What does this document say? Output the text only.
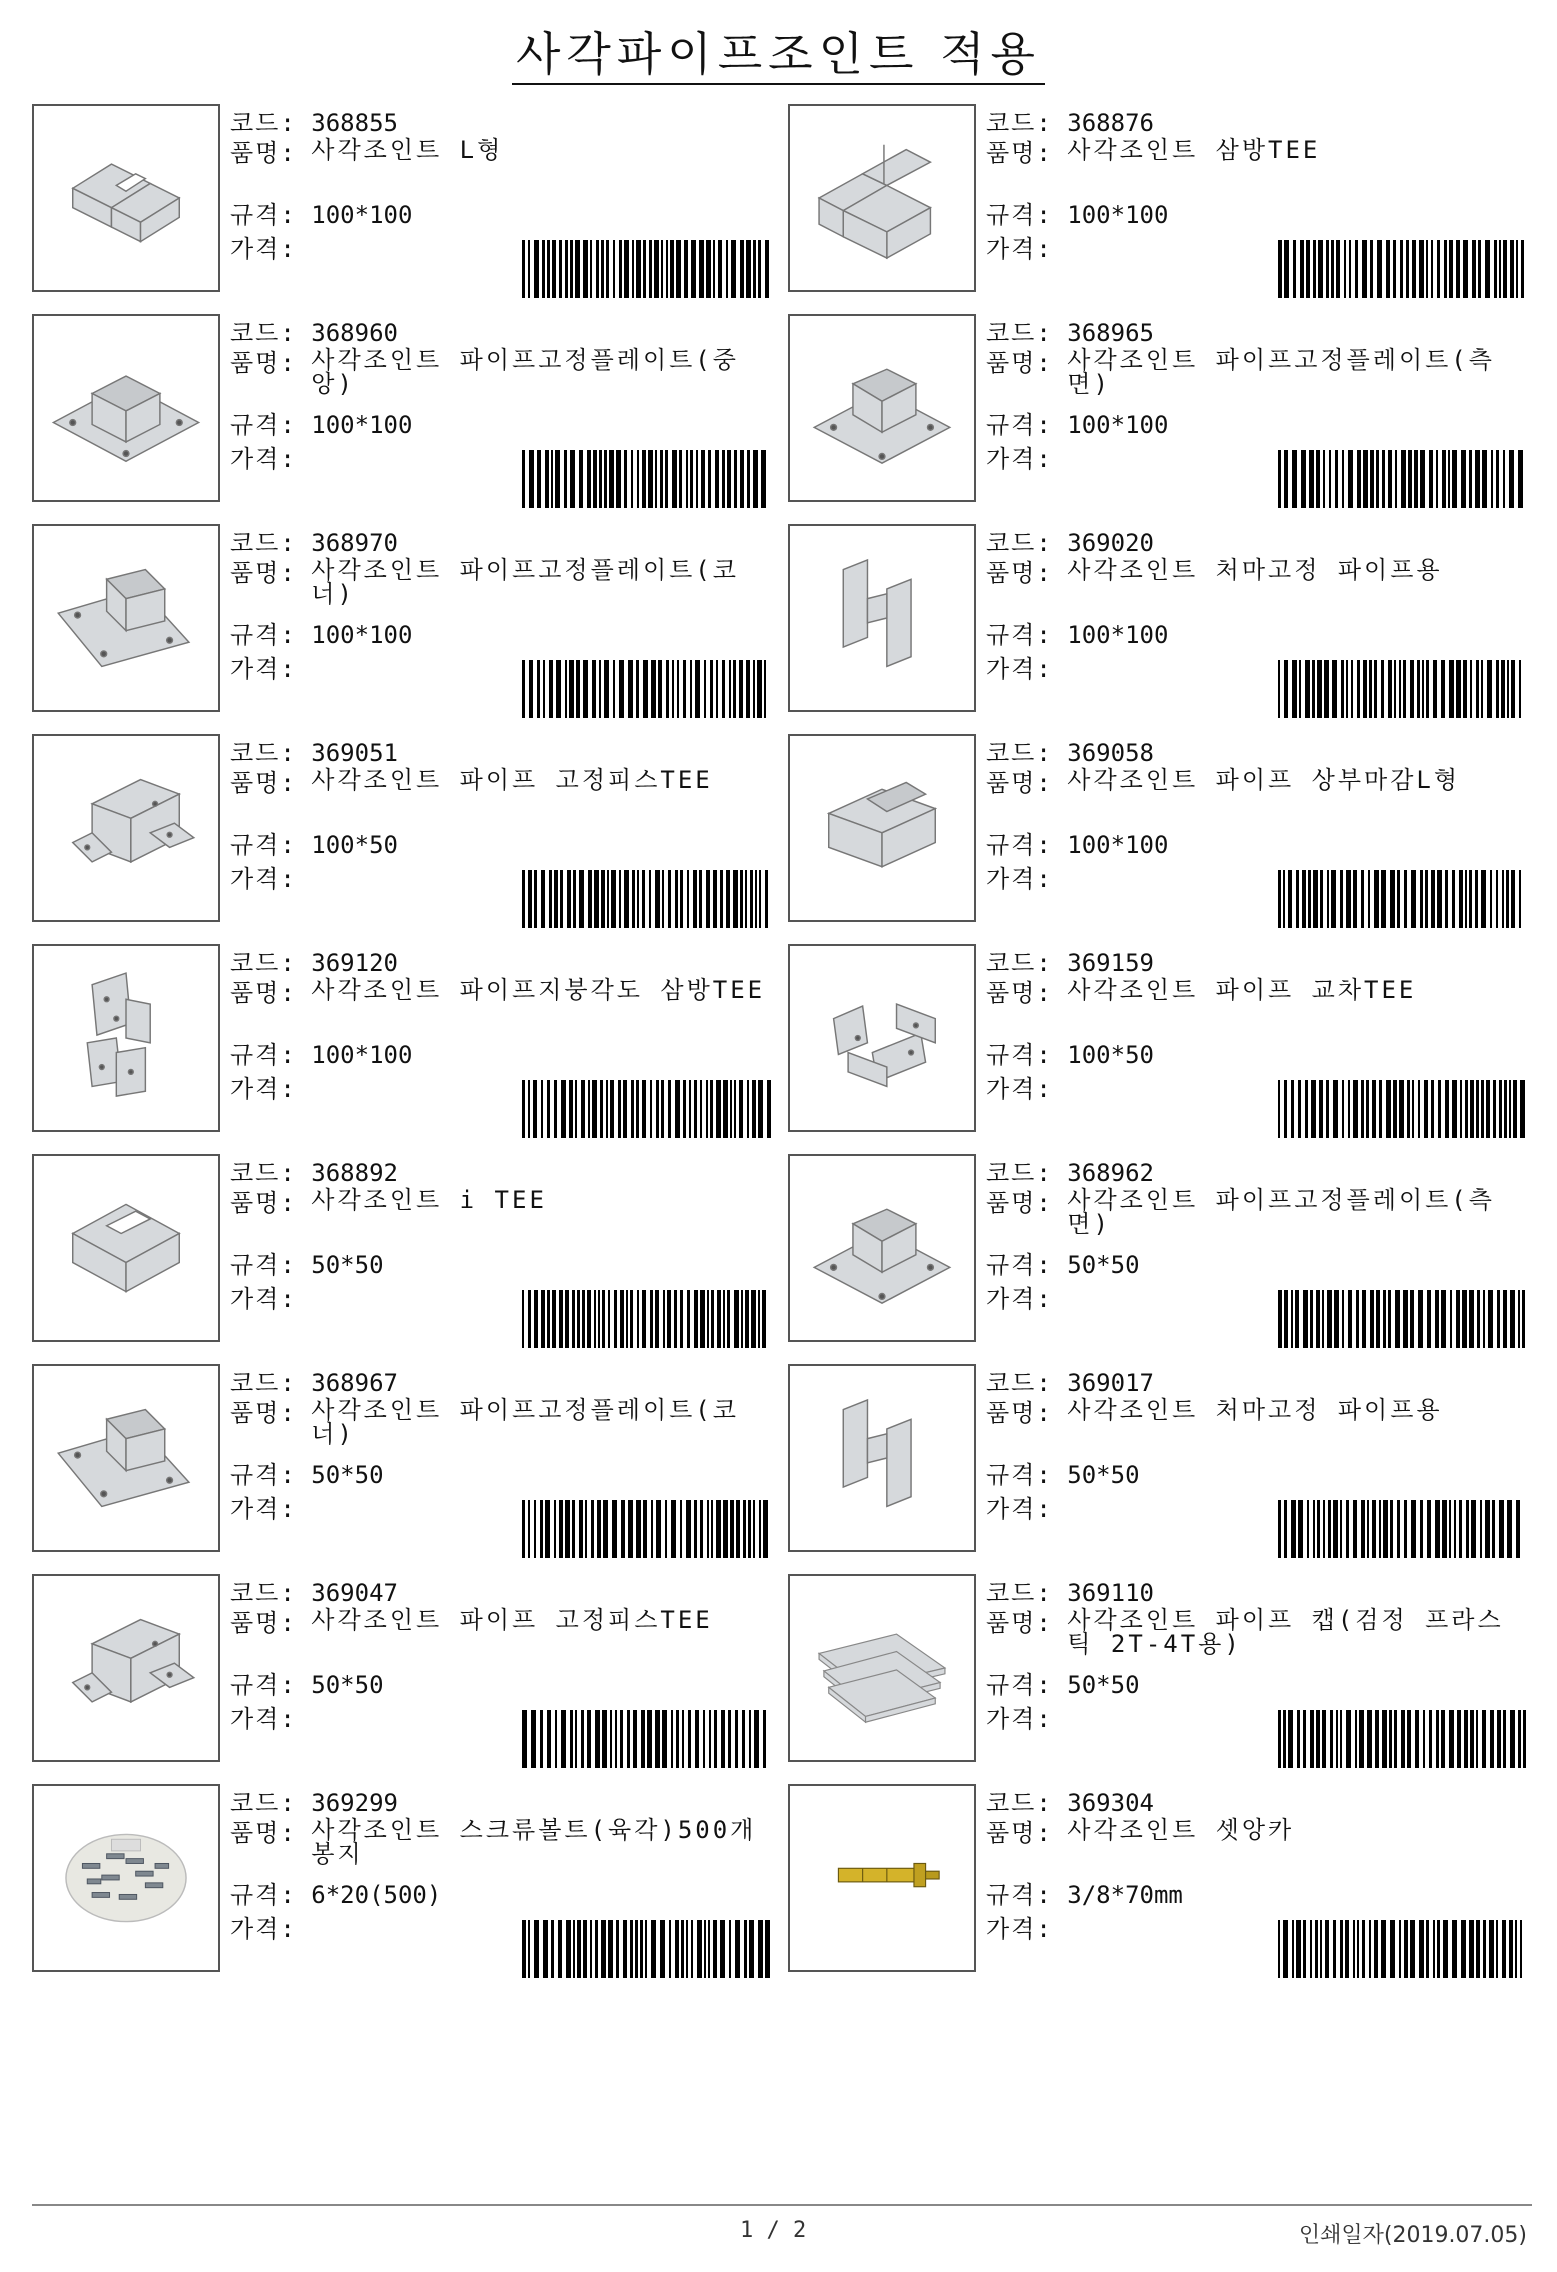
사각파이프조인트 적용
코드: 368855
품명: 사각조인트 L형
규격: 100*100
가격:
코드: 368876
품명: 사각조인트 삼방TEE
규격: 100*100
가격:
코드: 368960
품명: 사각조인트 파이프고정플레이트(중앙)
규격: 100*100
가격:
코드: 368965
품명: 사각조인트 파이프고정플레이트(측면)
규격: 100*100
가격:
코드: 368970
품명: 사각조인트 파이프고정플레이트(코너)
규격: 100*100
가격:
코드: 369020
품명: 사각조인트 처마고정 파이프용
규격: 100*100
가격:
코드: 369051
품명: 사각조인트 파이프 고정피스TEE
규격: 100*50
가격:
코드: 369058
품명: 사각조인트 파이프 상부마감L형
규격: 100*100
가격:
코드: 369120
품명: 사각조인트 파이프지붕각도 삼방TEE
규격: 100*100
가격:
코드: 369159
품명: 사각조인트 파이프 교차TEE
규격: 100*50
가격:
코드: 368892
품명: 사각조인트 i TEE
규격: 50*50
가격:
코드: 368962
품명: 사각조인트 파이프고정플레이트(측면)
규격: 50*50
가격:
코드: 368967
품명: 사각조인트 파이프고정플레이트(코너)
규격: 50*50
가격:
코드: 369017
품명: 사각조인트 처마고정 파이프용
규격: 50*50
가격:
코드: 369047
품명: 사각조인트 파이프 고정피스TEE
규격: 50*50
가격:
코드: 369110
품명: 사각조인트 파이프 캡(검정 프라스틱 2T-4T용)
규격: 50*50
가격:
코드: 369299
품명: 사각조인트 스크류볼트(육각)500개 봉지
규격: 6*20(500)
가격:
코드: 369304
품명: 사각조인트 셋앙카
규격: 3/8*70mm
가격:
1 / 2	인쇄일자(2019.07.05)
